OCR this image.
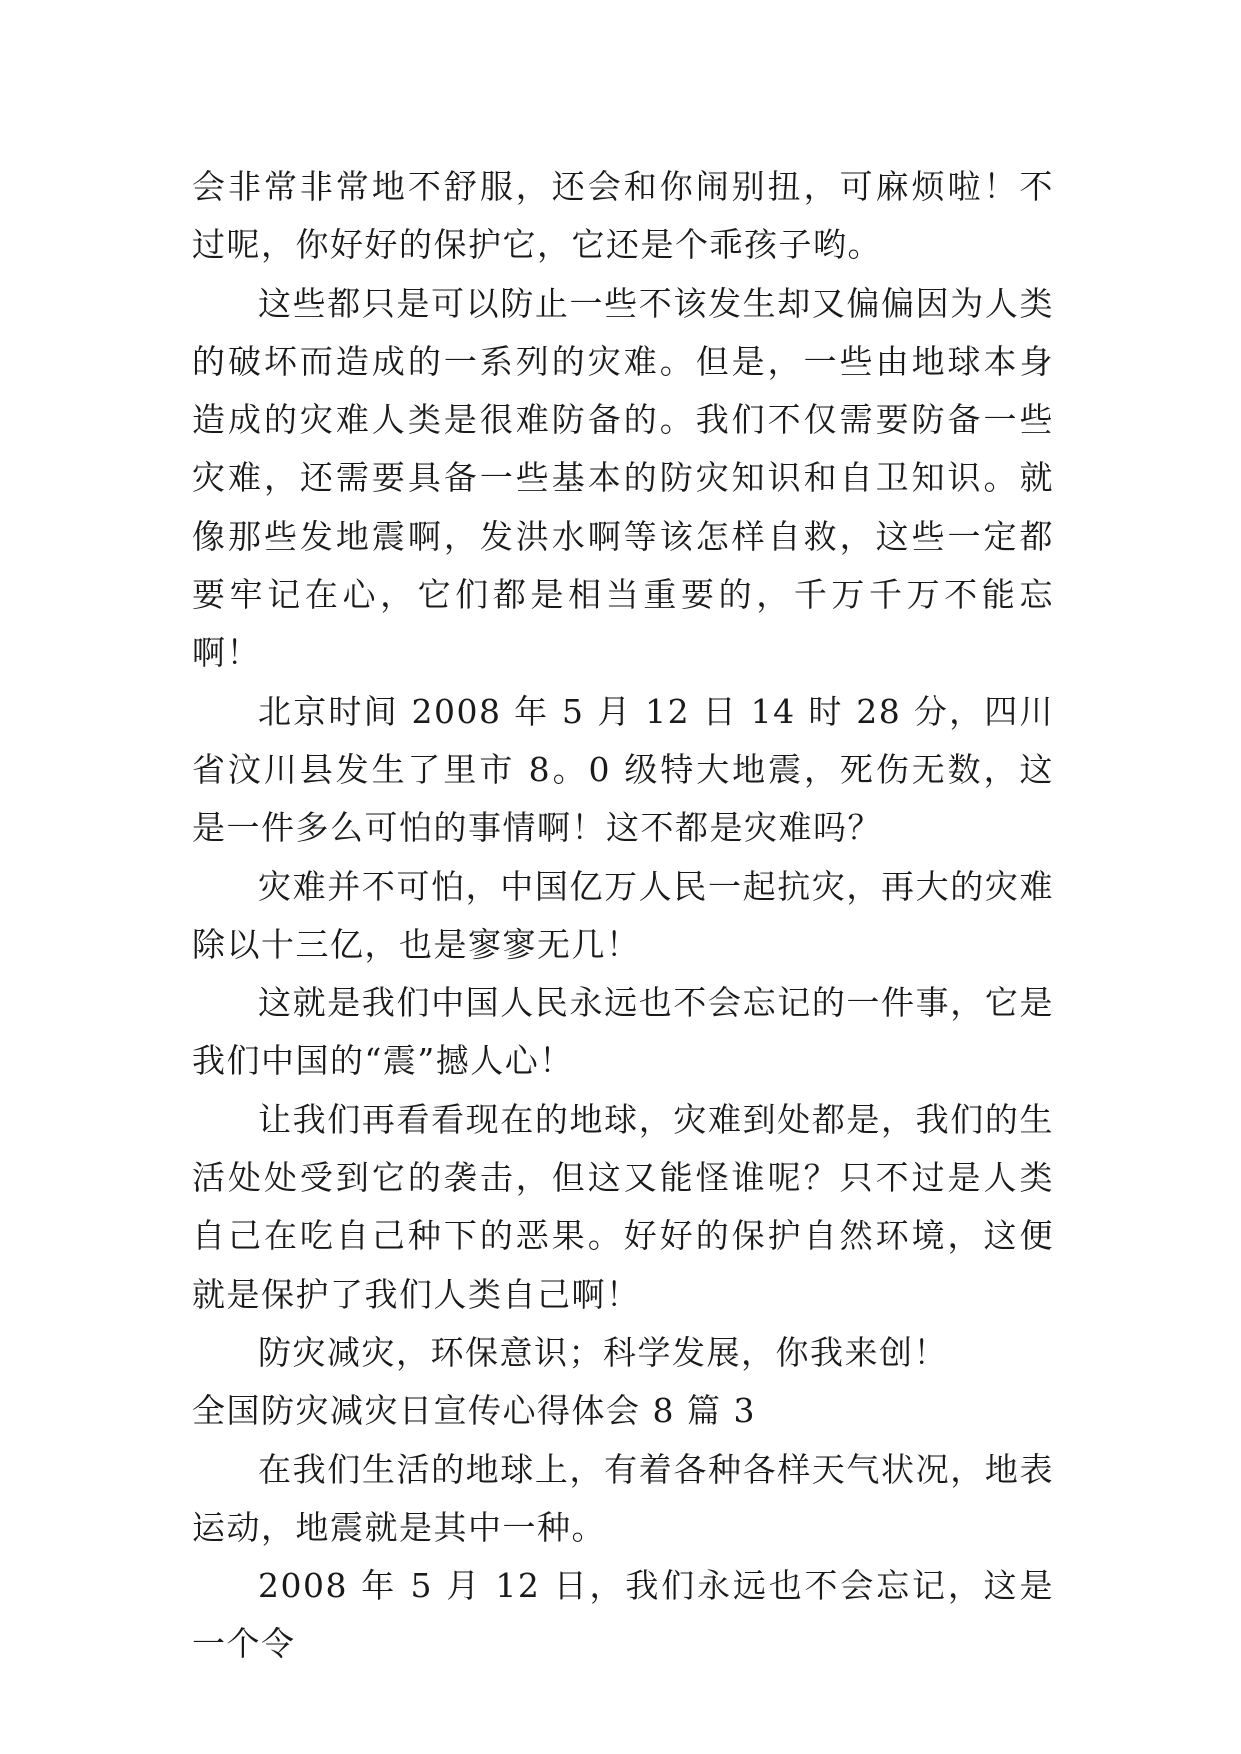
会非常非常地不舒服，还会和你闹别扭，可麻烦啦！不过呢，你好好的保护它，它还是个乖孩子哟。

这些都只是可以防止一些不该发生却又偏偏因为人类的破坏而造成的一系列的灾难。但是，一些由地球本身造成的灾难人类是很难防备的。我们不仅需要防备一些灾难，还需要具备一些基本的防灾知识和自卫知识。就像那些发地震啊，发洪水啊等该怎样自救，这些一定都要牢记在心，它们都是相当重要的，千万千万不能忘啊！

北京时间 2008 年 5 月 12 日 14 时 28 分，四川省汶川县发生了里市 8。0 级特大地震，死伤无数，这是一件多么可怕的事情啊！这不都是灾难吗？

灾难并不可怕，中国亿万人民一起抗灾，再大的灾难除以十三亿，也是寥寥无几！

这就是我们中国人民永远也不会忘记的一件事，它是我们中国的“震”撼人心！

让我们再看看现在的地球，灾难到处都是，我们的生活处处受到它的袭击，但这又能怪谁呢？只不过是人类自己在吃自己种下的恶果。好好的保护自然环境，这便就是保护了我们人类自己啊！

防灾减灾，环保意识；科学发展，你我来创！

全国防灾减灾日宣传心得体会 8 篇 3

在我们生活的地球上，有着各种各样天气状况，地表运动，地震就是其中一种。

2008 年 5 月 12 日，我们永远也不会忘记，这是一个令
